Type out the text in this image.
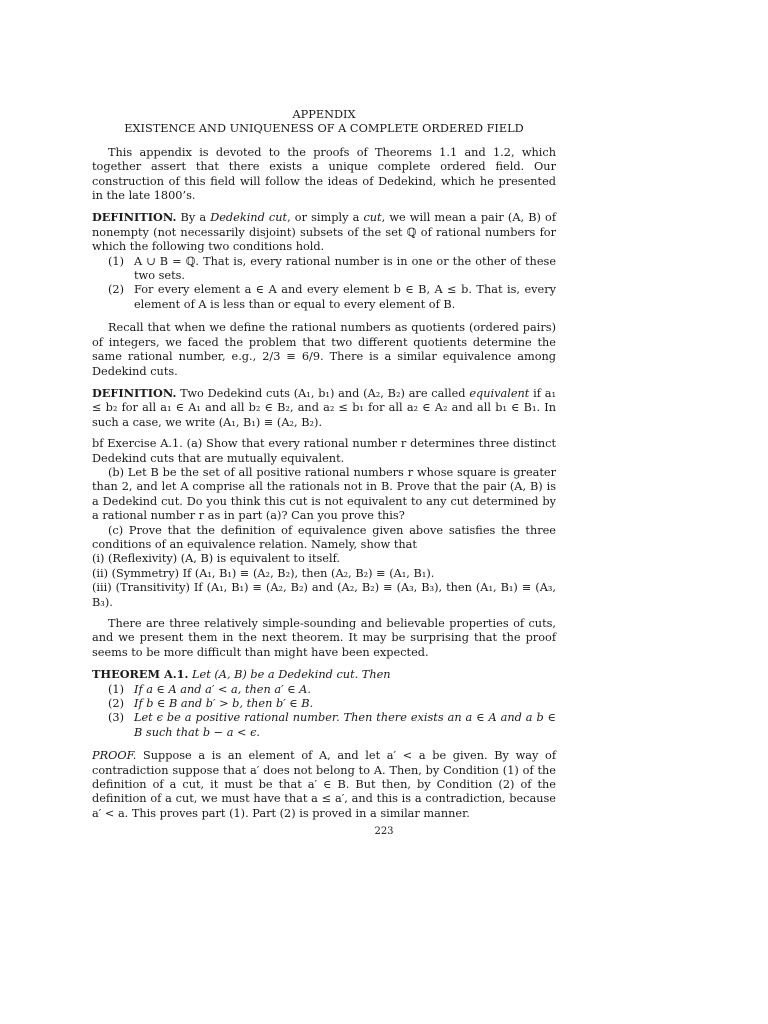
APPENDIX
EXISTENCE AND UNIQUENESS OF A COMPLETE ORDERED FIELD

This appendix is devoted to the proofs of Theorems 1.1 and 1.2, which together assert that there exists a unique complete ordered field. Our construction of this field will follow the ideas of Dedekind, which he presented in the late 1800’s.

DEFINITION. By a Dedekind cut, or simply a cut, we will mean a pair (A, B) of nonempty (not necessarily disjoint) subsets of the set ℚ of rational numbers for which the following two conditions hold.

(1) A ∪ B = ℚ. That is, every rational number is in one or the other of these two sets.
(2) For every element a ∈ A and every element b ∈ B, A ≤ b. That is, every element of A is less than or equal to every element of B.

Recall that when we define the rational numbers as quotients (ordered pairs) of integers, we faced the problem that two different quotients determine the same rational number, e.g., 2/3 ≡ 6/9. There is a similar equivalence among Dedekind cuts.

DEFINITION. Two Dedekind cuts (A₁, b₁) and (A₂, B₂) are called equivalent if a₁ ≤ b₂ for all a₁ ∈ A₁ and all b₂ ∈ B₂, and a₂ ≤ b₁ for all a₂ ∈ A₂ and all b₁ ∈ B₁. In such a case, we write (A₁, B₁) ≡ (A₂, B₂).

bf Exercise A.1. (a) Show that every rational number r determines three distinct Dedekind cuts that are mutually equivalent.

(b) Let B be the set of all positive rational numbers r whose square is greater than 2, and let A comprise all the rationals not in B. Prove that the pair (A, B) is a Dedekind cut. Do you think this cut is not equivalent to any cut determined by a rational number r as in part (a)? Can you prove this?

(c) Prove that the definition of equivalence given above satisfies the three conditions of an equivalence relation. Namely, show that

(i) (Reflexivity) (A, B) is equivalent to itself.

(ii) (Symmetry) If (A₁, B₁) ≡ (A₂, B₂), then (A₂, B₂) ≡ (A₁, B₁).

(iii) (Transitivity) If (A₁, B₁) ≡ (A₂, B₂) and (A₂, B₂) ≡ (A₃, B₃), then (A₁, B₁) ≡ (A₃, B₃).

There are three relatively simple-sounding and believable properties of cuts, and we present them in the next theorem. It may be surprising that the proof seems to be more difficult than might have been expected.

THEOREM A.1. Let (A, B) be a Dedekind cut. Then

(1) If a ∈ A and a′ < a, then a′ ∈ A.
(2) If b ∈ B and b′ > b, then b′ ∈ B.
(3) Let ϵ be a positive rational number. Then there exists an a ∈ A and a b ∈ B such that b − a < ϵ.

PROOF. Suppose a is an element of A, and let a′ < a be given. By way of contradiction suppose that a′ does not belong to A. Then, by Condition (1) of the definition of a cut, it must be that a′ ∈ B. But then, by Condition (2) of the definition of a cut, we must have that a ≤ a′, and this is a contradiction, because a′ < a. This proves part (1). Part (2) is proved in a similar manner.

223
